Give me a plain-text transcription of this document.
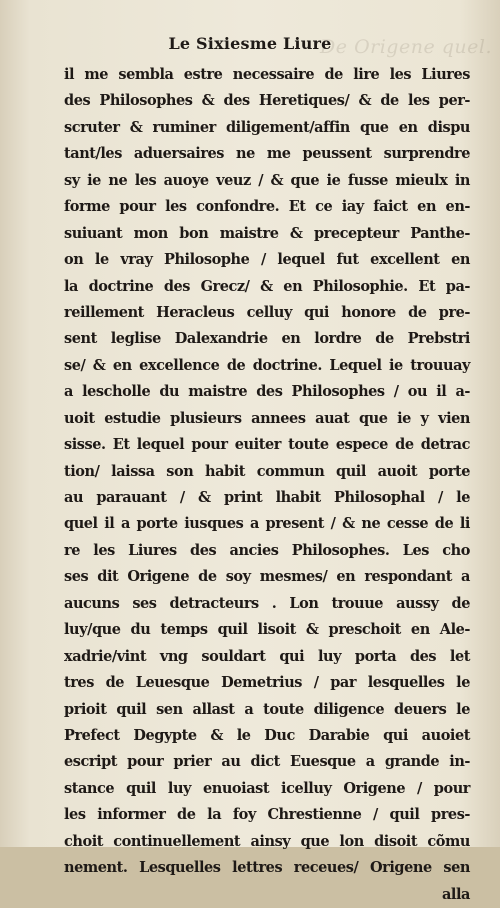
De Origene quel.
Le Sixiesme Liure
il me sembla estre necessaire de lire les Liures
des Philosophes & des Heretiques/ & de les per-
scruter & ruminer diligement/affin que en dispu
tant/les aduersaires ne me peussent surprendre
sy ie ne les auoye veuz / & que ie fusse mieulx in
forme pour les confondre. Et ce iay faict en en-
suiuant mon bon maistre & precepteur Panthe-
on le vray Philosophe / lequel fut excellent en
la doctrine des Grecz/ & en Philosophie. Et pa-
reillement Heracleus celluy qui honore de pre-
sent leglise Dalexandrie en lordre de Prebstri
se/ & en excellence de doctrine. Lequel ie trouuay
a lescholle du maistre des Philosophes / ou il a-
uoit estudie plusieurs annees auat que ie y vien
sisse. Et lequel pour euiter toute espece de detrac
tion/ laissa son habit commun quil auoit porte
au parauant / & print lhabit Philosophal / le
quel il a porte iusques a present / & ne cesse de li
re les Liures des ancies Philosophes. Les cho
ses dit Origene de soy mesmes/ en respondant a
aucuns ses detracteurs . Lon trouue aussy de
luy/que du temps quil lisoit & preschoit en Ale-
xadrie/vint vng souldart qui luy porta des let
tres de Leuesque Demetrius / par lesquelles le
prioit quil sen allast a toute diligence deuers le
Prefect Degypte & le Duc Darabie qui auoiet
escript pour prier au dict Euesque a grande in-
stance quil luy enuoiast icelluy Origene / pour
les informer de la foy Chrestienne / quil pres-
choit continuellement ainsy que lon disoit cõmu
nement. Lesquelles lettres receues/ Origene sen
alla
